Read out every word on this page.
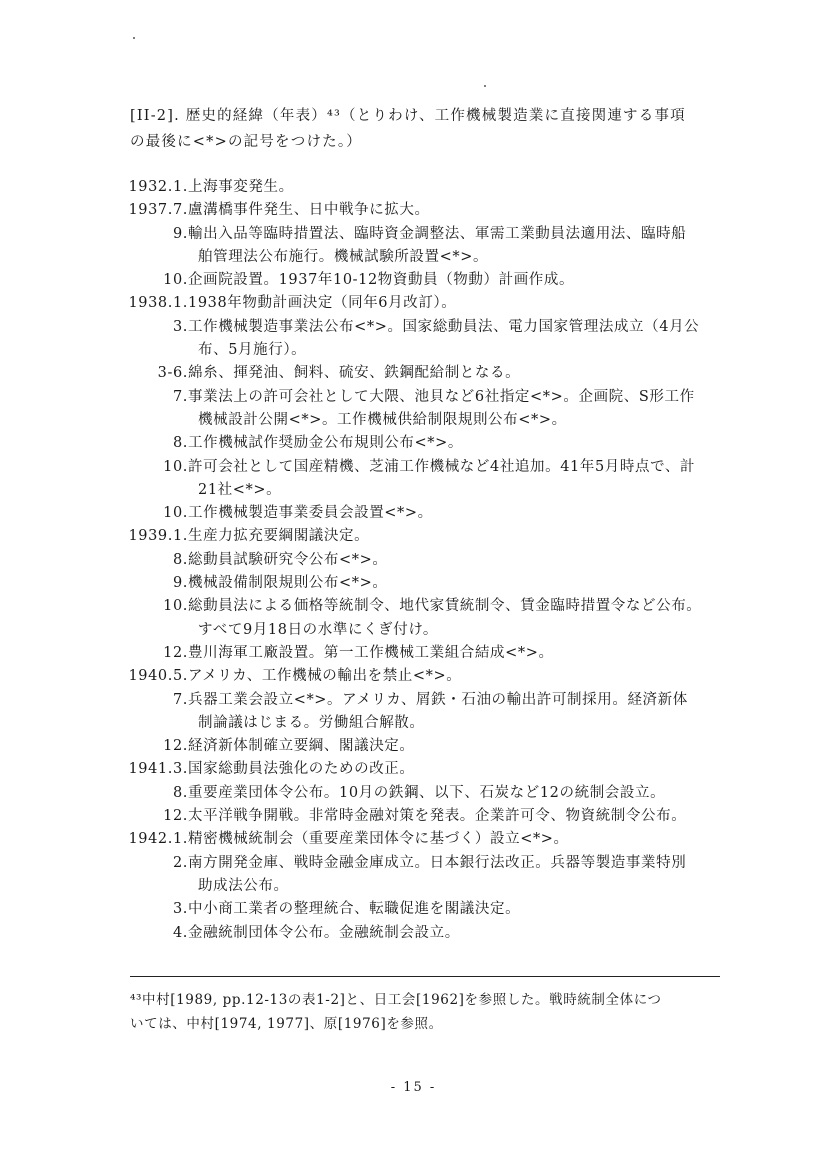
[II-2]. 歴史的経緯（年表）⁴³（とりわけ、工作機械製造業に直接関連する事項
の最後に<*>の記号をつけた。）
1932.1. 上海事変発生。
1937.7. 盧溝橋事件発生、日中戦争に拡大。
9. 輸出入品等臨時措置法、臨時資金調整法、軍需工業動員法適用法、臨時船
舶管理法公布施行。機械試験所設置<*>。
10. 企画院設置。1937年10-12物資動員（物動）計画作成。
1938.1. 1938年物動計画決定（同年6月改訂）。
3. 工作機械製造事業法公布<*>。国家総動員法、電力国家管理法成立（4月公
布、5月施行）。
3-6. 綿糸、揮発油、飼料、硫安、鉄鋼配給制となる。
7. 事業法上の許可会社として大隈、池貝など6社指定<*>。企画院、S形工作
機械設計公開<*>。工作機械供給制限規則公布<*>。
8. 工作機械試作奨励金公布規則公布<*>。
10. 許可会社として国産精機、芝浦工作機械など4社追加。41年5月時点で、計
21社<*>。
10. 工作機械製造事業委員会設置<*>。
1939.1. 生産力拡充要綱閣議決定。
8. 総動員試験研究令公布<*>。
9. 機械設備制限規則公布<*>。
10. 総動員法による価格等統制令、地代家賃統制令、賃金臨時措置令など公布。
すべて9月18日の水準にくぎ付け。
12. 豊川海軍工廠設置。第一工作機械工業組合結成<*>。
1940.5. アメリカ、工作機械の輸出を禁止<*>。
7. 兵器工業会設立<*>。アメリカ、屑鉄・石油の輸出許可制採用。経済新体
制論議はじまる。労働組合解散。
12. 経済新体制確立要綱、閣議決定。
1941.3. 国家総動員法強化のための改正。
8. 重要産業団体令公布。10月の鉄鋼、以下、石炭など12の統制会設立。
12. 太平洋戦争開戦。非常時金融対策を発表。企業許可令、物資統制令公布。
1942.1. 精密機械統制会（重要産業団体令に基づく）設立<*>。
2. 南方開発金庫、戦時金融金庫成立。日本銀行法改正。兵器等製造事業特別
助成法公布。
3. 中小商工業者の整理統合、転職促進を閣議決定。
4. 金融統制団体令公布。金融統制会設立。
⁴³中村[1989, pp.12-13の表1-2]と、日工会[1962]を参照した。戦時統制全体につ
いては、中村[1974, 1977]、原[1976]を参照。
- 15 -
